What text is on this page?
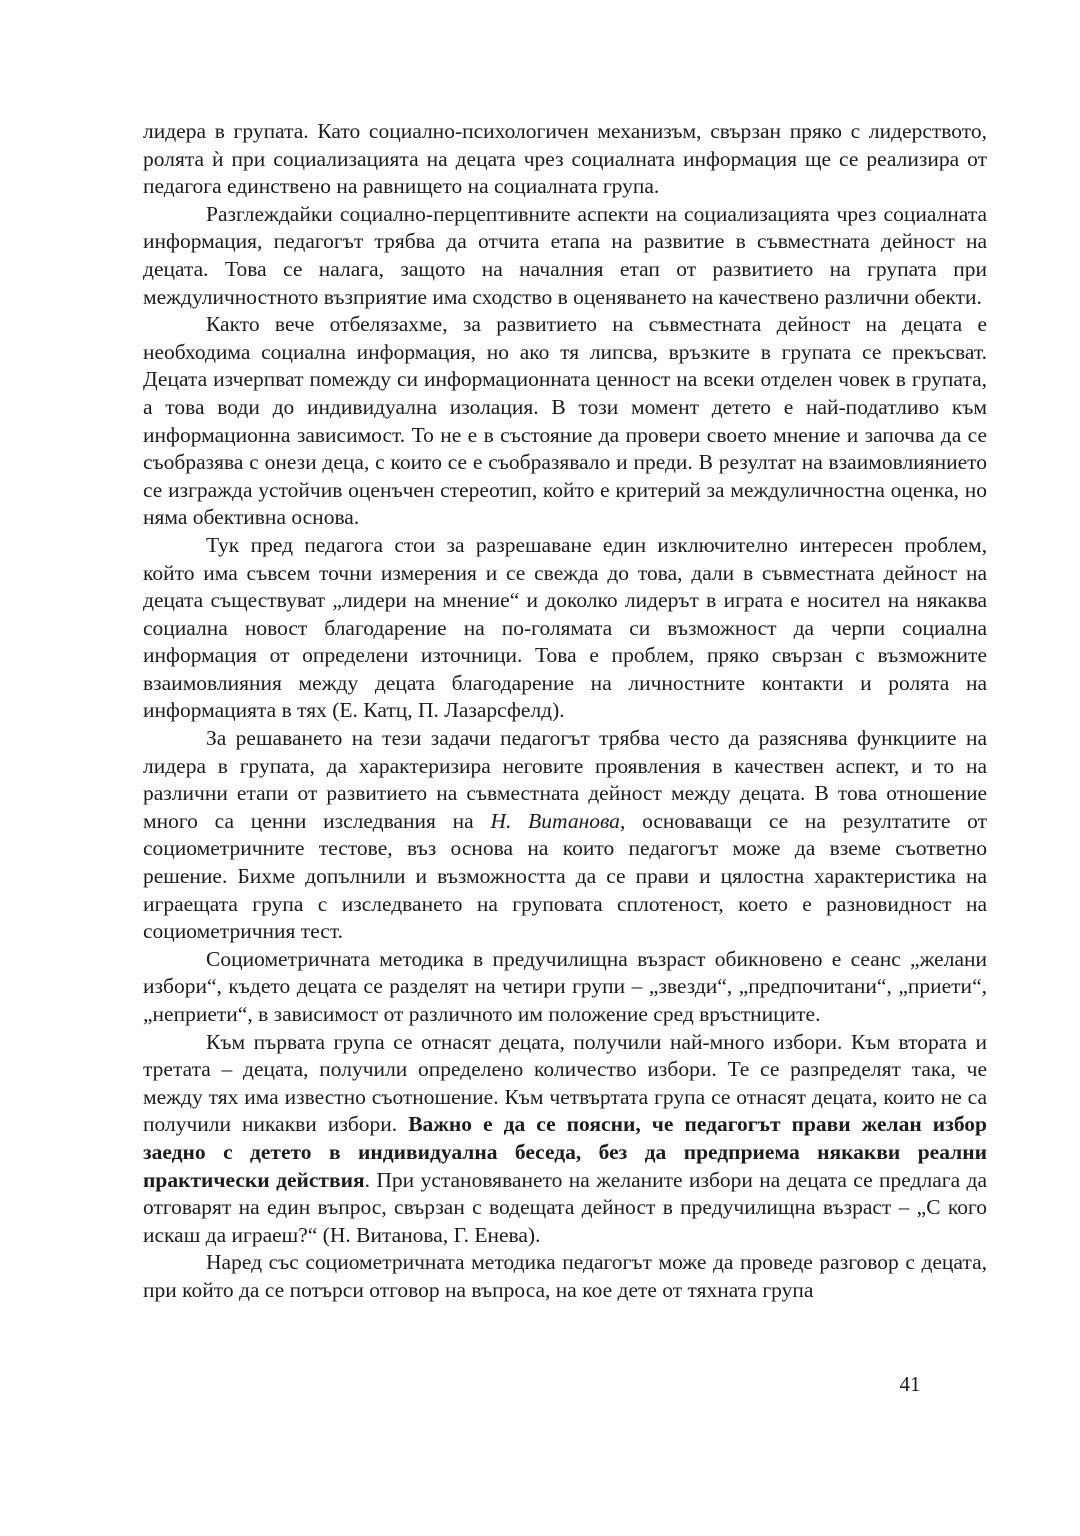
лидера в групата. Като социално-психологичен механизъм, свързан пряко с лидерството, ролята ѝ при социализацията на децата чрез социалната информация ще се реализира от педагога единствено на равнището на социалната група.

Разглеждайки социално-перцептивните аспекти на социализацията чрез социалната информация, педагогът трябва да отчита етапа на развитие в съвместната дейност на децата. Това се налага, защото на началния етап от развитието на групата при междуличностното възприятие има сходство в оценяването на качествено различни обекти.

Както вече отбелязахме, за развитието на съвместната дейност на децата е необходима социална информация, но ако тя липсва, връзките в групата се прекъсват. Децата изчерпват помежду си информационната ценност на всеки отделен човек в групата, а това води до индивидуална изолация. В този момент детето е най-податливо към информационна зависимост. То не е в състояние да провери своето мнение и започва да се съобразява с онези деца, с които се е съобразявало и преди. В резултат на взаимовлиянието се изгражда устойчив оценъчен стереотип, който е критерий за междуличностна оценка, но няма обективна основа.

Тук пред педагога стои за разрешаване един изключително интересен проблем, който има съвсем точни измерения и се свежда до това, дали в съвместната дейност на децата съществуват „лидери на мнение“ и доколко лидерът в играта е носител на някаква социална новост благодарение на по-голямата си възможност да черпи социална информация от определени източници. Това е проблем, пряко свързан с възможните взаимовлияния между децата благодарение на личностните контакти и ролята на информацията в тях (Е. Катц, П. Лазарсфелд).

За решаването на тези задачи педагогът трябва често да разяснява функциите на лидера в групата, да характеризира неговите проявления в качествен аспект, и то на различни етапи от развитието на съвместната дейност между децата. В това отношение много са ценни изследвания на Н. Витанова, основаващи се на резултатите от социометричните тестове, въз основа на които педагогът може да вземе съответно решение. Бихме допълнили и възможността да се прави и цялостна характеристика на играещата група с изследването на груповата сплотеност, което е разновидност на социометричния тест.

Социометричната методика в предучилищна възраст обикновено е сеанс „желани избори“, където децата се разделят на четири групи – „звезди“, „предпочитани“, „приети“, „неприети“, в зависимост от различното им положение сред връстниците.

Към първата група се отнасят децата, получили най-много избори. Към втората и третата – децата, получили определено количество избори. Те се разпределят така, че между тях има известно съотношение. Към четвъртата група се отнасят децата, които не са получили никакви избори. Важно е да се поясни, че педагогът прави желан избор заедно с детето в индивидуална беседа, без да предприема някакви реални практически действия. При установяването на желаните избори на децата се предлага да отговарят на един въпрос, свързан с водещата дейност в предучилищна възраст – „С кого искаш да играеш?“ (Н. Витанова, Г. Енева).

Наред със социометричната методика педагогът може да проведе разговор с децата, при който да се потърси отговор на въпроса, на кое дете от тяхната група

41
